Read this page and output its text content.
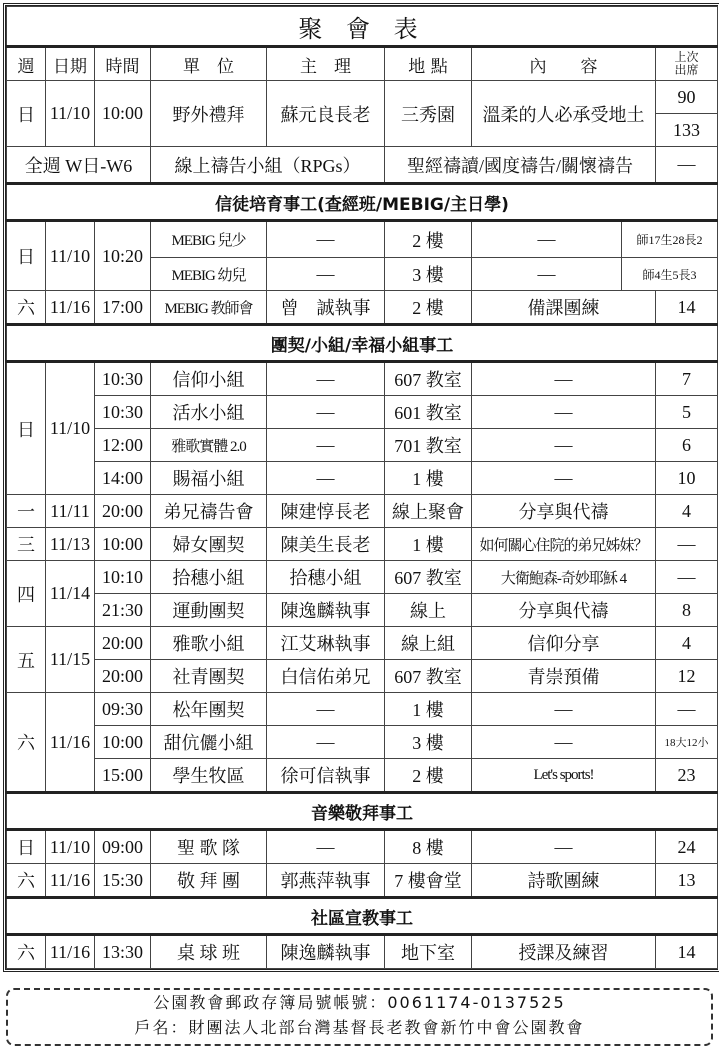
聚 會 表								
週	日期	時間	單　位	主　理	地 點	內　　容		上次
出席

日	11/10	10:00	野外禮拜	蘇元良長老	三秀園	溫柔的人必承受地土		90
								133
全週 W日-W6			線上禱告小組（RPGs）		聖經禱讀/國度禱告/關懷禱告			—
信徒培育事工(查經班/MEBIG/主日學)								
日	11/10	10:20	MEBIG 兒少	—	2 樓	—	師17生28長2	
			MEBIG 幼兒	—	3 樓	—	師4生5長3	
六	11/16	17:00	MEBIG 教師會	曾　誠執事	2 樓	備課團練		14
團契/小組/幸福小組事工								
日	11/10	10:30	信仰小組	—	607 教室	—		7
		10:30	活水小組	—	601 教室	—		5
		12:00	雅歌實體 2.0	—	701 教室	—		6
		14:00	賜福小組	—	1 樓	—		10
一	11/11	20:00	弟兄禱告會	陳建惇長老	線上聚會	分享與代禱		4
三	11/13	10:00	婦女團契	陳美生長老	1 樓	如何關心住院的弟兄姊妹？		—
四	11/14	10:10	拾穗小組	拾穗小組	607 教室	大衛鮑森-奇妙耶穌 4		—
		21:30	運動團契	陳逸麟執事	線上	分享與代禱		8
五	11/15	20:00	雅歌小組	江艾琳執事	線上組	信仰分享		4
		20:00	社青團契	白信佑弟兄	607 教室	青崇預備		12
六	11/16	09:30	松年團契	—	1 樓	—		—
		10:00	甜伉儷小組	—	3 樓	—		18大12小
		15:00	學生牧區	徐可信執事	2 樓	Let's sports!		23
音樂敬拜事工								
日	11/10	09:00	聖 歌 隊	—	8 樓	—		24
六	11/16	15:30	敬 拜 團	郭燕萍執事	7 樓會堂	詩歌團練		13
社區宣教事工								
六	11/16	13:30	桌 球 班	陳逸麟執事	地下室	授課及練習		14
公園教會郵政存簿局號帳號：0061174-0137525
戶名：財團法人北部台灣基督長老教會新竹中會公園教會
